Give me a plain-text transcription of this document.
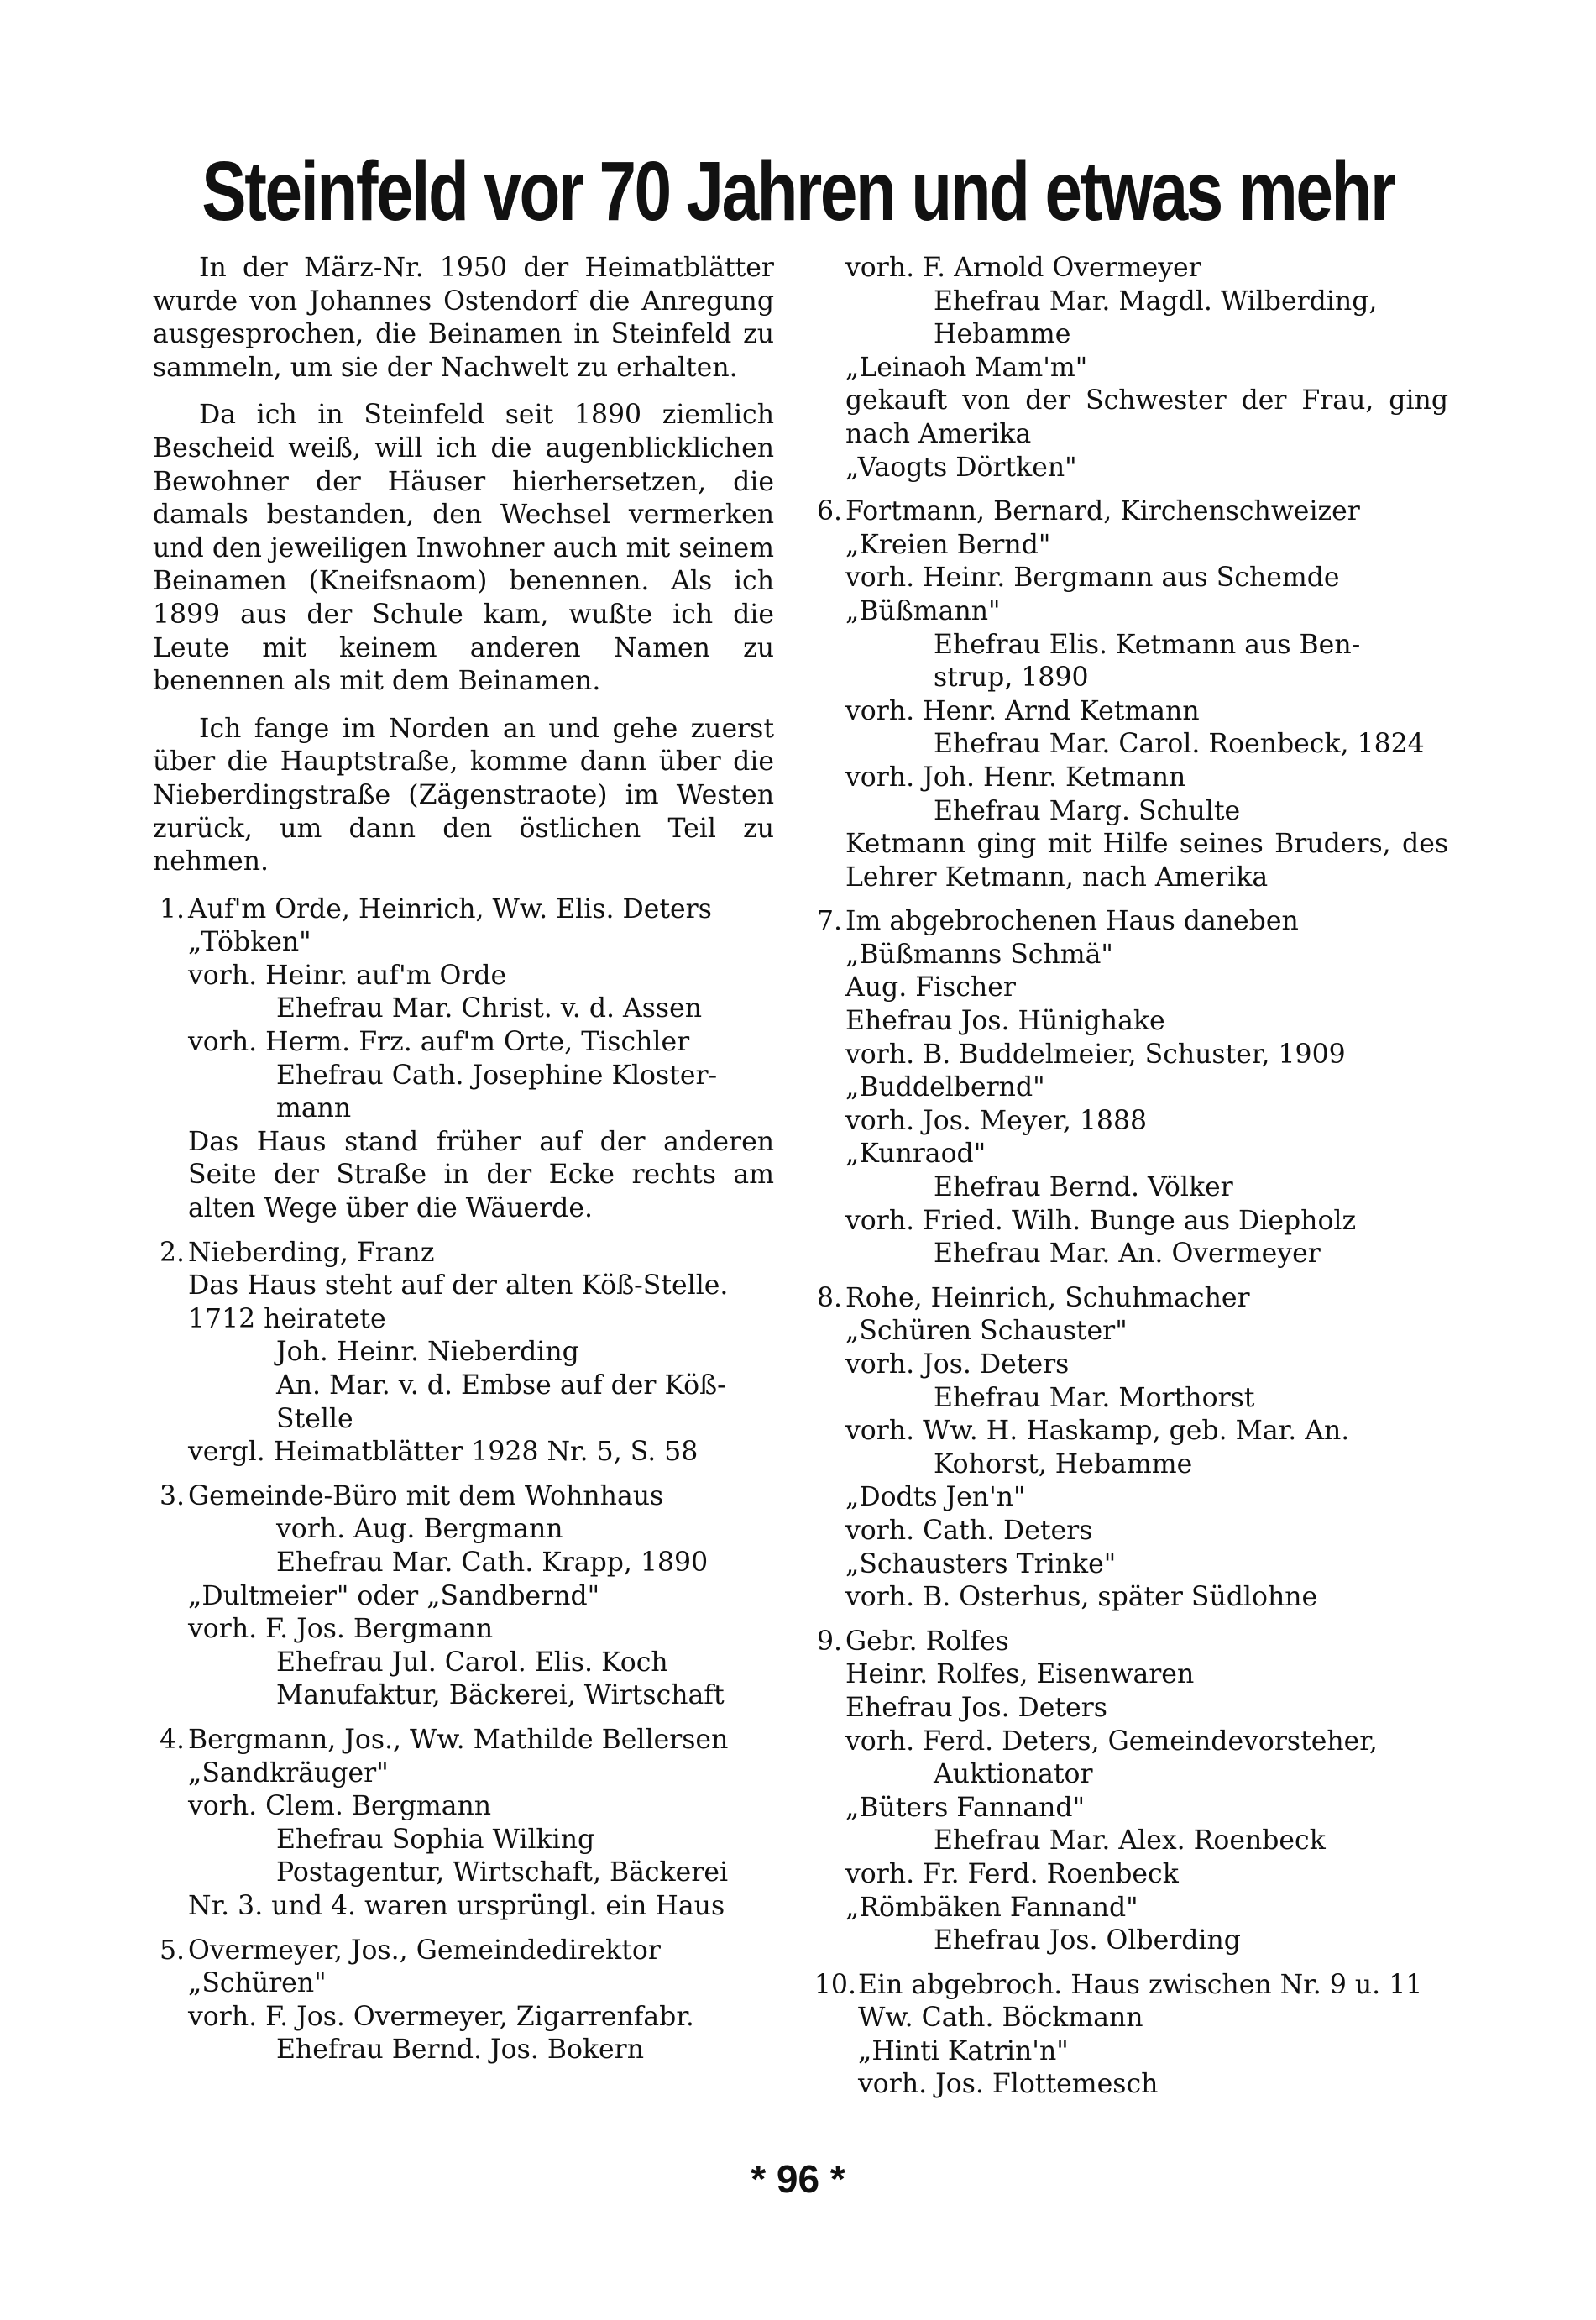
Steinfeld vor 70 Jahren und etwas mehr

In der März-Nr. 1950 der Heimatblätter wurde von Johannes Ostendorf die Anregung ausgesprochen, die Beinamen in Steinfeld zu sammeln, um sie der Nachwelt zu erhalten.

Da ich in Steinfeld seit 1890 ziemlich Bescheid weiß, will ich die augenblicklichen Bewohner der Häuser hierhersetzen, die damals bestanden, den Wechsel vermerken und den jeweiligen Inwohner auch mit seinem Beinamen (Kneifsnaom) benennen. Als ich 1899 aus der Schule kam, wußte ich die Leute mit keinem anderen Namen zu benennen als mit dem Beinamen.

Ich fange im Norden an und gehe zuerst über die Hauptstraße, komme dann über die Nieberdingstraße (Zägenstraote) im Westen zurück, um dann den östlichen Teil zu nehmen.

1. Auf'm Orde, Heinrich, Ww. Elis. Deters
„Töbken"
vorh. Heinr. auf'm Orde
Ehefrau Mar. Christ. v. d. Assen
vorh. Herm. Frz. auf'm Orte, Tischler
Ehefrau Cath. Josephine Kloster-
mann
Das Haus stand früher auf der anderen Seite der Straße in der Ecke rechts am alten Wege über die Wäuerde.
2. Nieberding, Franz
Das Haus steht auf der alten Köß-Stelle.
1712 heiratete
Joh. Heinr. Nieberding
An. Mar. v. d. Embse auf der Köß-
Stelle
vergl. Heimatblätter 1928 Nr. 5, S. 58
3. Gemeinde-Büro mit dem Wohnhaus
vorh. Aug. Bergmann
Ehefrau Mar. Cath. Krapp, 1890
„Dultmeier" oder „Sandbernd"
vorh. F. Jos. Bergmann
Ehefrau Jul. Carol. Elis. Koch
Manufaktur, Bäckerei, Wirtschaft
4. Bergmann, Jos., Ww. Mathilde Bellersen
„Sandkräuger"
vorh. Clem. Bergmann
Ehefrau Sophia Wilking
Postagentur, Wirtschaft, Bäckerei
Nr. 3. und 4. waren ursprüngl. ein Haus
5. Overmeyer, Jos., Gemeindedirektor
„Schüren"
vorh. F. Jos. Overmeyer, Zigarrenfabr.
Ehefrau Bernd. Jos. Bokern
vorh. F. Arnold Overmeyer
Ehefrau Mar. Magdl. Wilberding,
Hebamme
„Leinaoh Mam'm"
gekauft von der Schwester der Frau, ging nach Amerika
„Vaogts Dörtken"
6. Fortmann, Bernard, Kirchenschweizer
„Kreien Bernd"
vorh. Heinr. Bergmann aus Schemde
„Büßmann"
Ehefrau Elis. Ketmann aus Ben-
strup, 1890
vorh. Henr. Arnd Ketmann
Ehefrau Mar. Carol. Roenbeck, 1824
vorh. Joh. Henr. Ketmann
Ehefrau Marg. Schulte
Ketmann ging mit Hilfe seines Bruders, des Lehrer Ketmann, nach Amerika
7. Im abgebrochenen Haus daneben
„Büßmanns Schmä"
Aug. Fischer
Ehefrau Jos. Hünighake
vorh. B. Buddelmeier, Schuster, 1909
„Buddelbernd"
vorh. Jos. Meyer, 1888
„Kunraod"
Ehefrau Bernd. Völker
vorh. Fried. Wilh. Bunge aus Diepholz
Ehefrau Mar. An. Overmeyer
8. Rohe, Heinrich, Schuhmacher
„Schüren Schauster"
vorh. Jos. Deters
Ehefrau Mar. Morthorst
vorh. Ww. H. Haskamp, geb. Mar. An.
Kohorst, Hebamme
„Dodts Jen'n"
vorh. Cath. Deters
„Schausters Trinke"
vorh. B. Osterhus, später Südlohne
9. Gebr. Rolfes
Heinr. Rolfes, Eisenwaren
Ehefrau Jos. Deters
vorh. Ferd. Deters, Gemeindevorsteher,
Auktionator
„Büters Fannand"
Ehefrau Mar. Alex. Roenbeck
vorh. Fr. Ferd. Roenbeck
„Römbäken Fannand"
Ehefrau Jos. Olberding
10. Ein abgebroch. Haus zwischen Nr. 9 u. 11
Ww. Cath. Böckmann
„Hinti Katrin'n"
vorh. Jos. Flottemesch
* 96 *
